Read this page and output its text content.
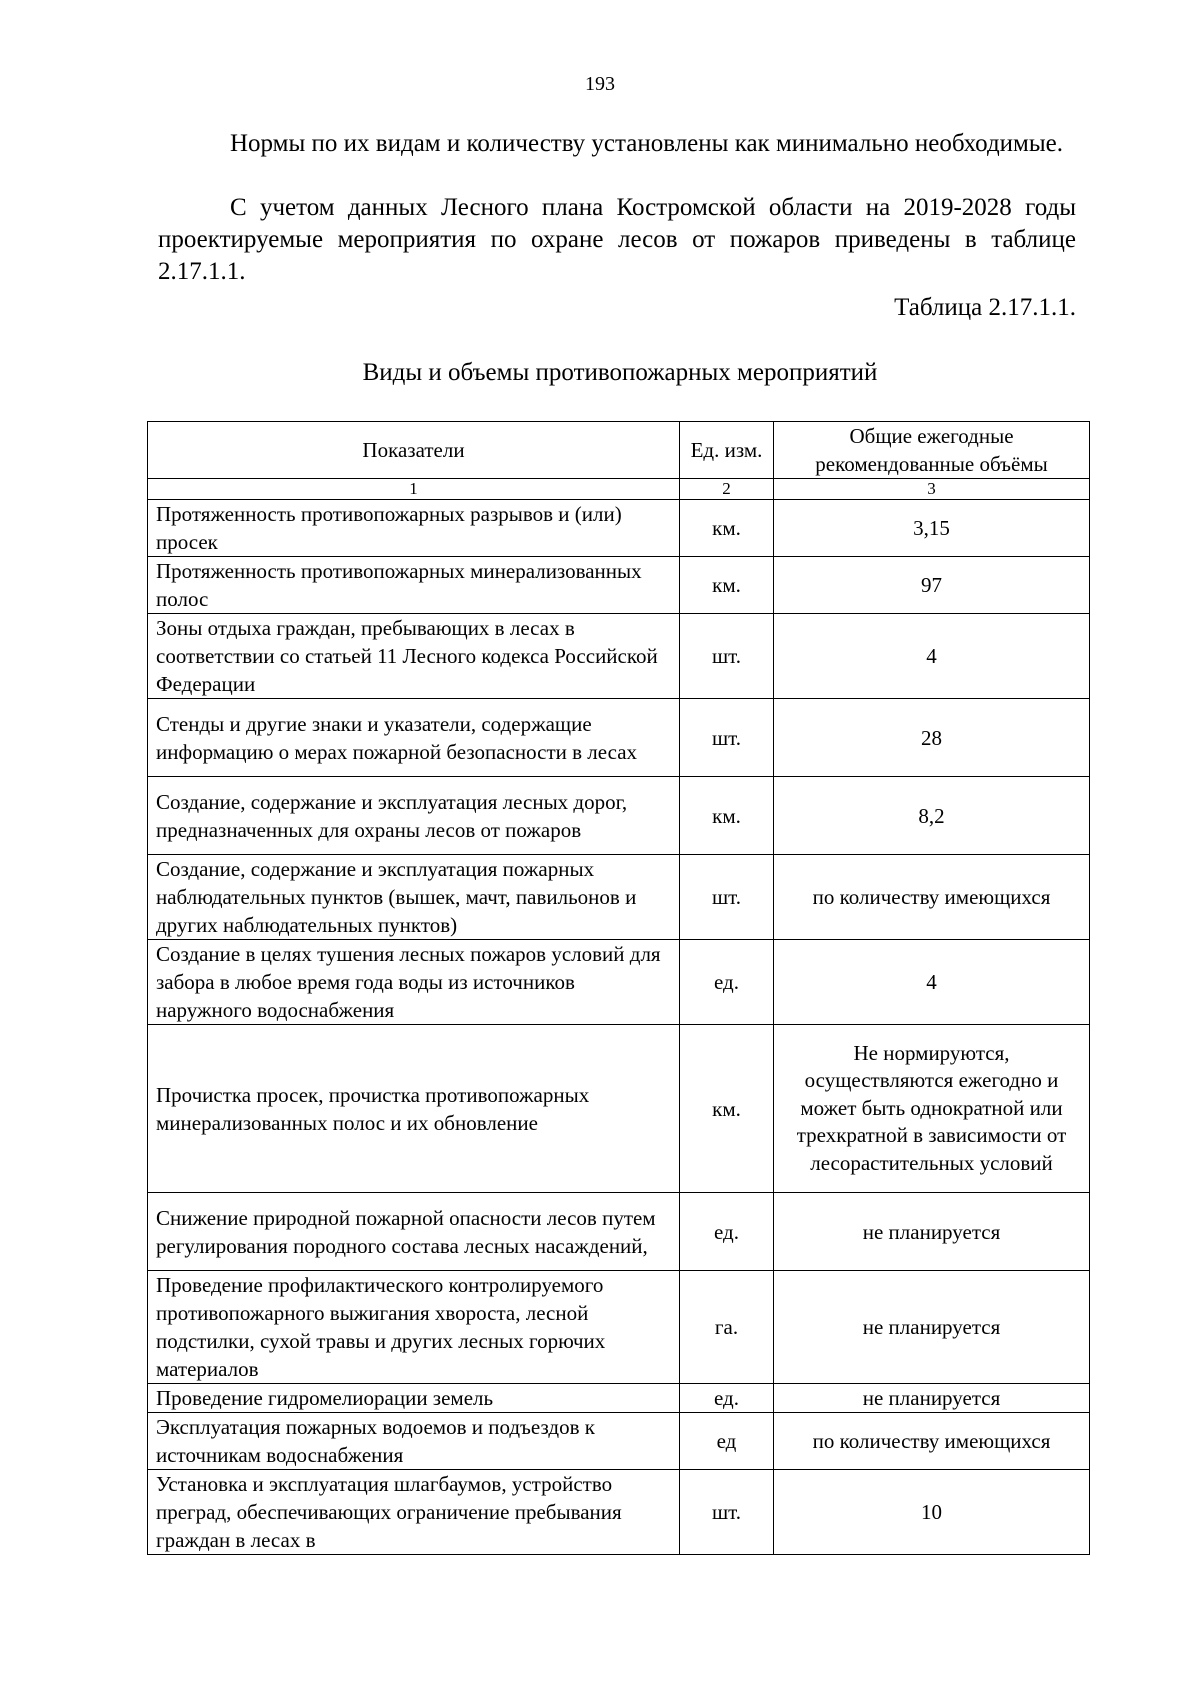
193
Нормы по их видам и количеству установлены как минимально необходимые.
С учетом данных Лесного плана Костромской области на 2019-2028 годы проектируемые мероприятия по охране лесов от пожаров приведены в таблице 2.17.1.1.
Таблица 2.17.1.1.
Виды и объемы противопожарных мероприятий
Показатели	Ед. изм.	Общие ежегодные рекомендованные объёмы
1	2	3
Протяженность противопожарных разрывов и (или) просек	км.	3,15
Протяженность противопожарных минерализованных полос	км.	97
Зоны отдыха граждан, пребывающих в лесах в соответствии со статьей 11 Лесного кодекса Российской Федерации	шт.	4
Стенды и другие знаки и указатели, содержащие информацию о мерах пожарной безопасности в лесах	шт.	28
Создание, содержание и эксплуатация лесных дорог, предназначенных для охраны лесов от пожаров	км.	8,2
Создание, содержание и эксплуатация пожарных наблюдательных пунктов (вышек, мачт, павильонов и других наблюдательных пунктов)	шт.	по количеству имеющихся
Создание в целях тушения лесных пожаров условий для забора в любое время года воды из источников наружного водоснабжения	ед.	4
Прочистка просек, прочистка противопожарных минерализованных полос и их обновление	км.	Не нормируются, осуществляются ежегодно и может быть однократной или трехкратной в зависимости от лесорастительных условий
Снижение природной пожарной опасности лесов путем регулирования породного состава лесных насаждений,	ед.	не планируется
Проведение профилактического контролируемого противопожарного выжигания хвороста, лесной подстилки, сухой травы и других лесных горючих материалов	га.	не планируется
Проведение гидромелиорации земель	ед.	не планируется
Эксплуатация пожарных водоемов и подъездов к источникам водоснабжения	ед	по количеству имеющихся
Установка и эксплуатация шлагбаумов, устройство преград, обеспечивающих ограничение пребывания граждан в лесах в	шт.	10
